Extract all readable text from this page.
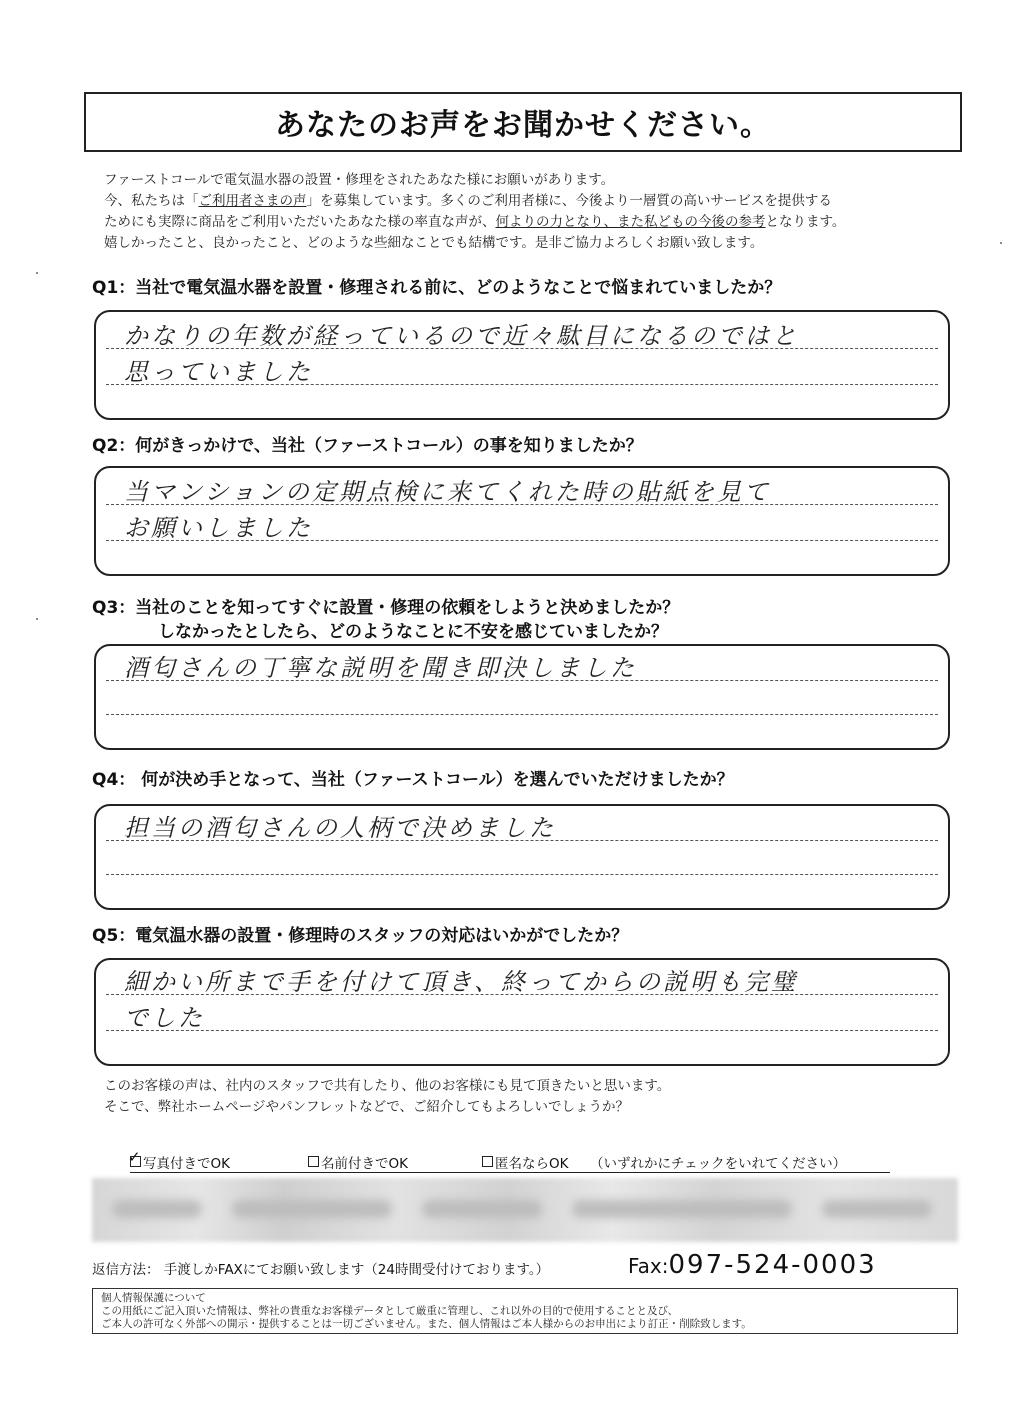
あなたのお声をお聞かせください。

ファーストコールで電気温水器の設置・修理をされたあなた様にお願いがあります。

今、私たちは「ご利用者さまの声」を募集しています。多くのご利用者様に、今後より一層質の高いサービスを提供する

ためにも実際に商品をご利用いただいたあなた様の率直な声が、何よりの力となり、また私どもの今後の参考となります。

嬉しかったこと、良かったこと、どのような些細なことでも結構です。是非ご協力よろしくお願い致します。

Q1：当社で電気温水器を設置・修理される前に、どのようなことで悩まれていましたか？
かなりの年数が経っているので近々駄目になるのではと
思っていました
Q2：何がきっかけで、当社（ファーストコール）の事を知りましたか？
当マンションの定期点検に来てくれた時の貼紙を見て
お願いしました
Q3：当社のことを知ってすぐに設置・修理の依頼をしようと決めましたか？
しなかったとしたら、どのようなことに不安を感じていましたか？
酒匂さんの丁寧な説明を聞き即決しました
Q4： 何が決め手となって、当社（ファーストコール）を選んでいただけましたか？
担当の酒匂さんの人柄で決めました
Q5：電気温水器の設置・修理時のスタッフの対応はいかがでしたか？
細かい所まで手を付けて頂き、終ってからの説明も完璧
でした

このお客様の声は、社内のスタッフで共有したり、他のお客様にも見て頂きたいと思います。

そこで、弊社ホームページやパンフレットなどで、ご紹介してもよろしいでしょうか？

✓ 写真付きでOK	名前付きでOK	匿名ならOK （いずれかにチェックをいれてください）
返信方法： 手渡しかFAXにてお願い致します（24時間受付けております。）	Fax:097-524-0003

個人情報保護について

この用紙にご記入頂いた情報は、弊社の貴重なお客様データとして厳重に管理し、これ以外の目的で使用することと及び、

ご本人の許可なく外部への開示・提供することは一切ございません。また、個人情報はご本人様からのお申出により訂正・削除致します。
